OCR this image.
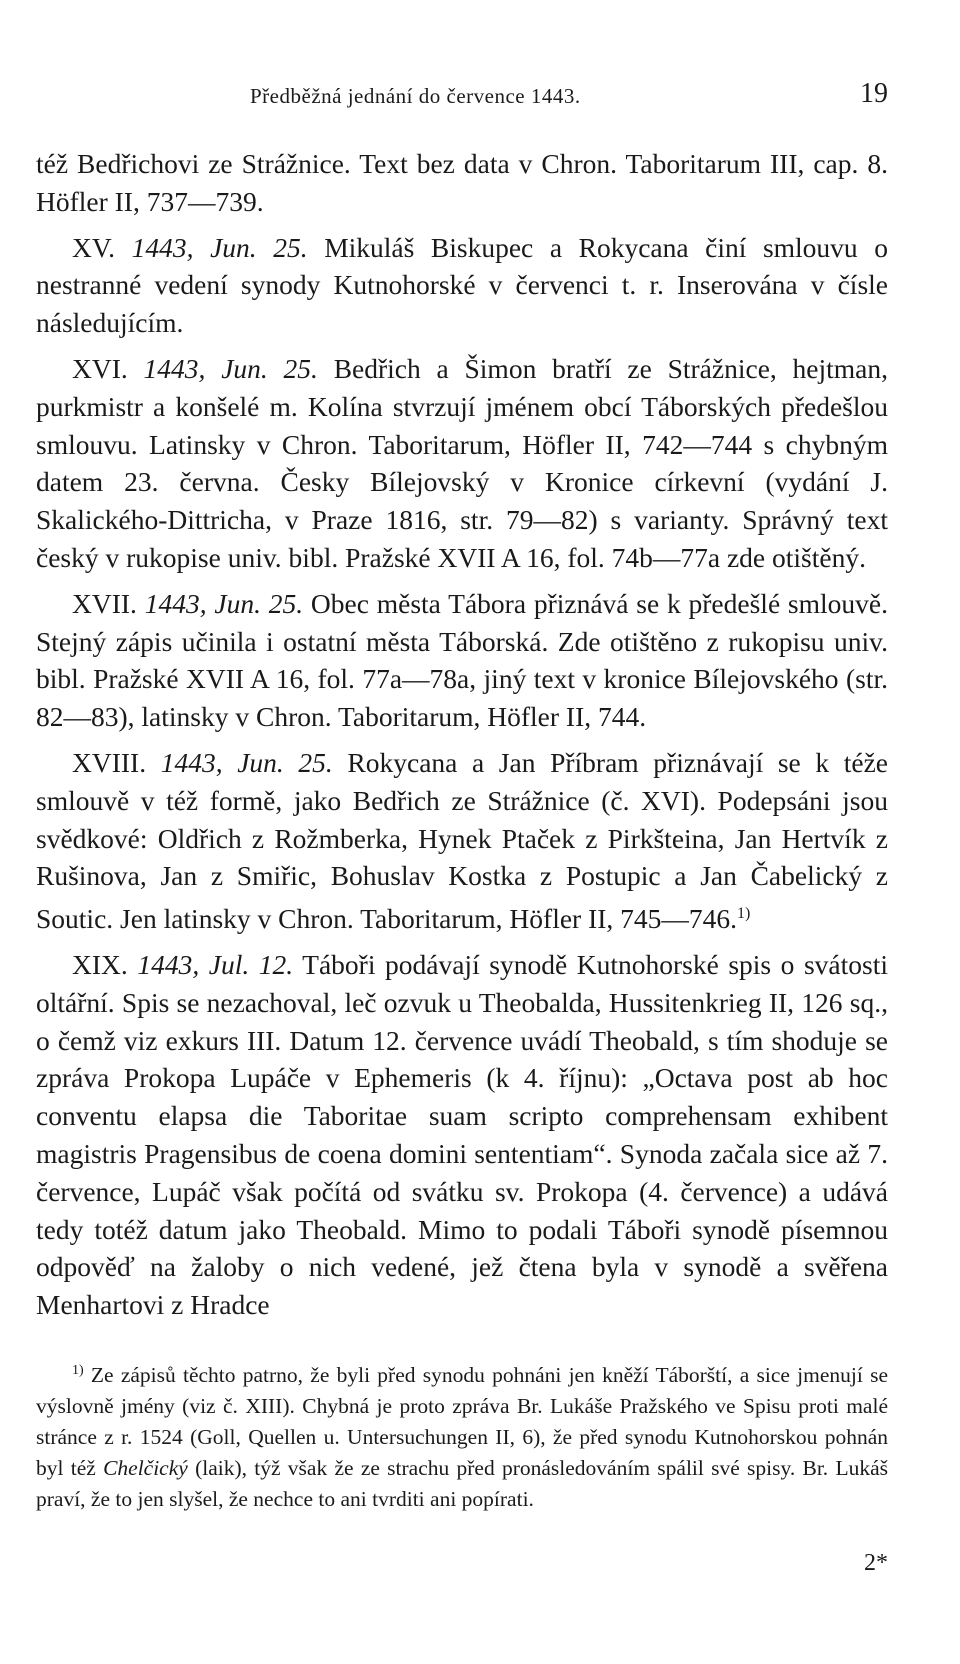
Předběžná jednání do července 1443.	19

též Bedřichovi ze Strážnice. Text bez data v Chron. Taboritarum III, cap. 8. Höfler II, 737—739.

XV. 1443, Jun. 25. Mikuláš Biskupec a Rokycana činí smlouvu o nestranné vedení synody Kutnohorské v červenci t. r. Inserována v čísle následujícím.

XVI. 1443, Jun. 25. Bedřich a Šimon bratří ze Strážnice, hejtman, purkmistr a konšelé m. Kolína stvrzují jménem obcí Táborských předešlou smlouvu. Latinsky v Chron. Taboritarum, Höfler II, 742—744 s chybným datem 23. června. Česky Bílejovský v Kronice církevní (vydání J. Skalického-Dittricha, v Praze 1816, str. 79—82) s varianty. Správný text český v rukopise univ. bibl. Pražské XVII A 16, fol. 74b—77a zde otištěný.

XVII. 1443, Jun. 25. Obec města Tábora přiznává se k předešlé smlouvě. Stejný zápis učinila i ostatní města Táborská. Zde otištěno z rukopisu univ. bibl. Pražské XVII A 16, fol. 77a—78a, jiný text v kronice Bílejovského (str. 82—83), latinsky v Chron. Taboritarum, Höfler II, 744.

XVIII. 1443, Jun. 25. Rokycana a Jan Příbram přiznávají se k téže smlouvě v též formě, jako Bedřich ze Strážnice (č. XVI). Podepsáni jsou svědkové: Oldřich z Rožmberka, Hynek Ptaček z Pirkšteina, Jan Hertvík z Rušinova, Jan z Smiřic, Bohuslav Kostka z Postupic a Jan Čabelický z Soutic. Jen latinsky v Chron. Taboritarum, Höfler II, 745—746.$^{1)}$

XIX. 1443, Jul. 12. Táboři podávají synodě Kutnohorské spis o svátosti oltářní. Spis se nezachoval, leč ozvuk u Theobalda, Hussitenkrieg II, 126 sq., o čemž viz exkurs III. Datum 12. července uvádí Theobald, s tím shoduje se zpráva Prokopa Lupáče v Ephemeris (k 4. říjnu): „Octava post ab hoc conventu elapsa die Taboritae suam scripto comprehensam exhibent magistris Pragensibus de coena domini sententiam“. Synoda začala sice až 7. července, Lupáč však počítá od svátku sv. Prokopa (4. července) a udává tedy totéž datum jako Theobald. Mimo to podali Táboři synodě písemnou odpověď na žaloby o nich vedené, jež čtena byla v synodě a svěřena Menhartovi z Hradce

$^{1)}$ Ze zápisů těchto patrno, že byli před synodu pohnáni jen kněží Táborští, a sice jmenují se výslovně jmény (viz č. XIII). Chybná je proto zpráva Br. Lukáše Pražského ve Spisu proti malé stránce z r. 1524 (Goll, Quellen u. Untersuchungen II, 6), že před synodu Kutnohorskou pohnán byl též Chelčický (laik), týž však že ze strachu před pronásledováním spálil své spisy. Br. Lukáš praví, že to jen slyšel, že nechce to ani tvrditi ani popírati.

2*
